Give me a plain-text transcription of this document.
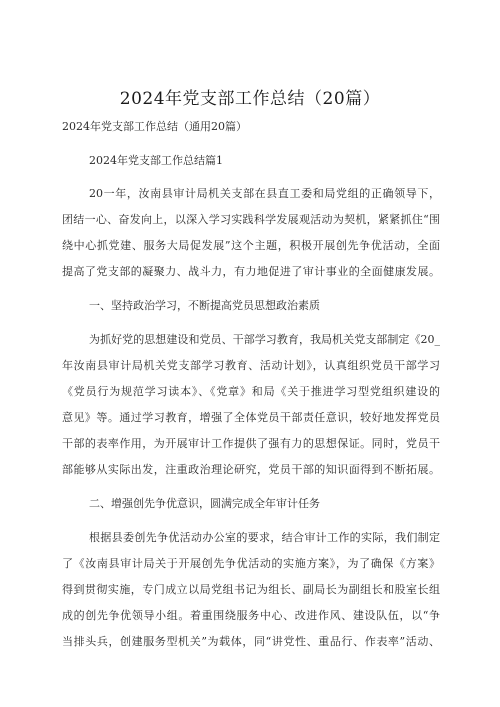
2024年党支部工作总结（20篇）
2024年党支部工作总结（通用20篇）
2024年党支部工作总结篇1
20一年，汝南县审计局机关支部在县直工委和局党组的正确领导下，
团结一心、奋发向上，以深入学习实践科学发展观活动为契机，紧紧抓住“围
绕中心抓党建、服务大局促发展”这个主题，积极开展创先争优活动，全面
提高了党支部的凝聚力、战斗力，有力地促进了审计事业的全面健康发展。
一、坚持政治学习，不断提高党员思想政治素质
为抓好党的思想建设和党员、干部学习教育，我局机关党支部制定《20_
年汝南县审计局机关党支部学习教育、活动计划》，认真组织党员干部学习
《党员行为规范学习读本》、《党章》和局《关于推进学习型党组织建设的
意见》等。通过学习教育，增强了全体党员干部责任意识，较好地发挥党员
干部的表率作用，为开展审计工作提供了强有力的思想保证。同时，党员干
部能够从实际出发，注重政治理论研究，党员干部的知识面得到不断拓展。
二、增强创先争优意识，圆满完成全年审计任务
根据县委创先争优活动办公室的要求，结合审计工作的实际，我们制定
了《汝南县审计局关于开展创先争优活动的实施方案》，为了确保《方案》
得到贯彻实施，专门成立以局党组书记为组长、副局长为副组长和股室长组
成的创先争优领导小组。着重围绕服务中心、改进作风、建设队伍，以“争
当排头兵，创建服务型机关”为载体，同“讲党性、重品行、作表率”活动、
